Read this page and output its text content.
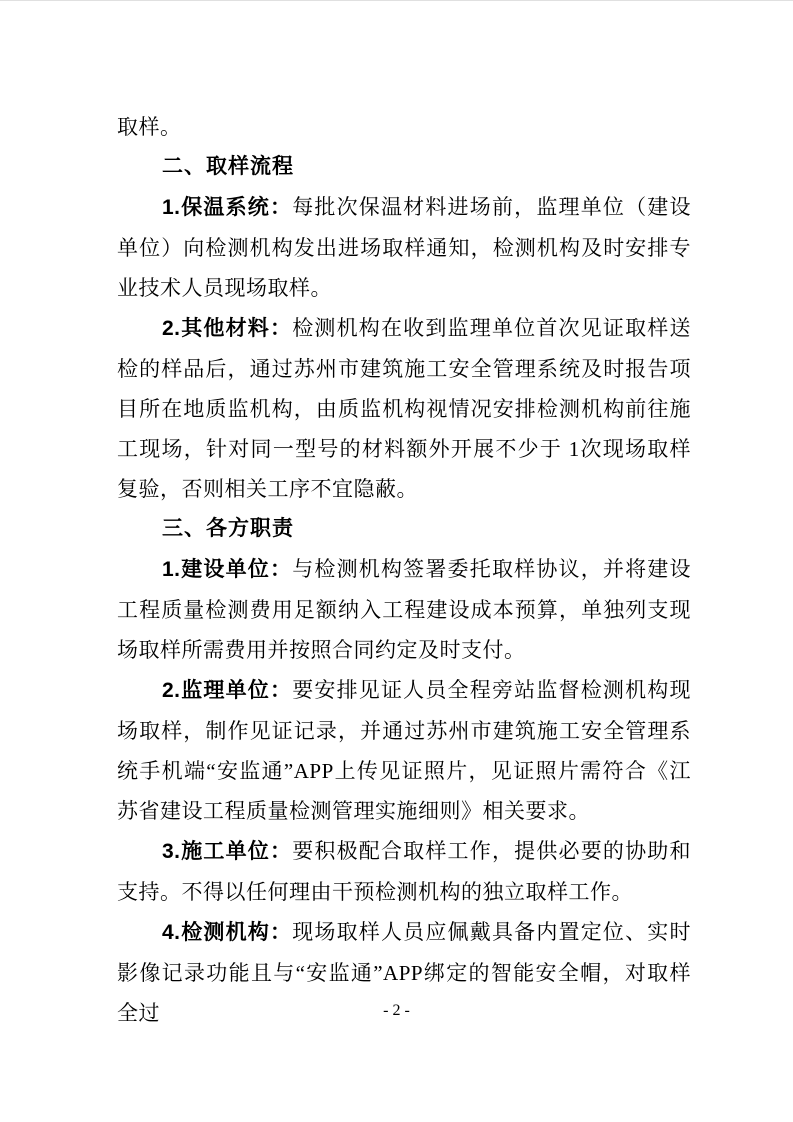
取样。

二、取样流程

1.保温系统：每批次保温材料进场前，监理单位（建设单位）向检测机构发出进场取样通知，检测机构及时安排专业技术人员现场取样。

2.其他材料：检测机构在收到监理单位首次见证取样送检的样品后，通过苏州市建筑施工安全管理系统及时报告项目所在地质监机构，由质监机构视情况安排检测机构前往施工现场，针对同一型号的材料额外开展不少于 1次现场取样复验，否则相关工序不宜隐蔽。

三、各方职责

1.建设单位：与检测机构签署委托取样协议，并将建设工程质量检测费用足额纳入工程建设成本预算，单独列支现场取样所需费用并按照合同约定及时支付。

2.监理单位：要安排见证人员全程旁站监督检测机构现场取样，制作见证记录，并通过苏州市建筑施工安全管理系统手机端“安监通”APP上传见证照片，见证照片需符合《江苏省建设工程质量检测管理实施细则》相关要求。

3.施工单位：要积极配合取样工作，提供必要的协助和支持。不得以任何理由干预检测机构的独立取样工作。

4.检测机构：现场取样人员应佩戴具备内置定位、实时影像记录功能且与“安监通”APP绑定的智能安全帽，对取样全过	- 2 -
